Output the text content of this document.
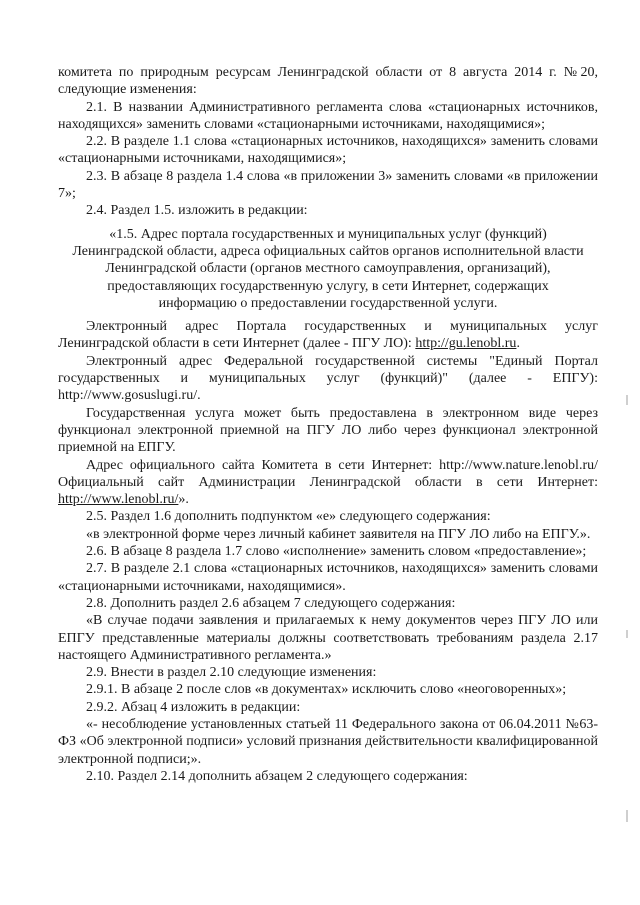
комитета по природным ресурсам Ленинградской области от 8 августа 2014 г. №20, следующие изменения:

2.1. В названии Административного регламента слова «стационарных источников, находящихся» заменить словами «стационарными источниками, находящимися»;

2.2. В разделе 1.1 слова «стационарных источников, находящихся» заменить словами «стационарными источниками, находящимися»;

2.3. В абзаце 8 раздела 1.4 слова «в приложении 3» заменить словами «в приложении 7»;

2.4. Раздел 1.5. изложить в редакции:

«1.5. Адрес портала государственных и муниципальных услуг (функций) Ленинградской области, адреса официальных сайтов органов исполнительной власти Ленинградской области (органов местного самоуправления, организаций), предоставляющих государственную услугу, в сети Интернет, содержащих информацию о предоставлении государственной услуги.

Электронный адрес Портала государственных и муниципальных услуг Ленинградской области в сети Интернет (далее - ПГУ ЛО): http://gu.lenobl.ru.

Электронный адрес Федеральной государственной системы "Единый Портал государственных и муниципальных услуг (функций)" (далее - ЕПГУ): http://www.gosuslugi.ru/.

Государственная услуга может быть предоставлена в электронном виде через функционал электронной приемной на ПГУ ЛО либо через функционал электронной приемной на ЕПГУ.

Адрес официального сайта Комитета в сети Интернет: http://www.nature.lenobl.ru/ Официальный сайт Администрации Ленинградской области в сети Интернет: http://www.lenobl.ru/».

2.5. Раздел 1.6 дополнить подпунктом «е» следующего содержания:

«в электронной форме через личный кабинет заявителя на ПГУ ЛО либо на ЕПГУ.».

2.6. В абзаце 8 раздела 1.7 слово «исполнение» заменить словом «предоставление»;

2.7. В разделе 2.1 слова «стационарных источников, находящихся» заменить словами «стационарными источниками, находящимися».

2.8. Дополнить раздел 2.6 абзацем 7 следующего содержания:

«В случае подачи заявления и прилагаемых к нему документов через ПГУ ЛО или ЕПГУ представленные материалы должны соответствовать требованиям раздела 2.17 настоящего Административного регламента.»

2.9. Внести в раздел 2.10 следующие изменения:

2.9.1. В абзаце 2 после слов «в документах» исключить слово «неоговоренных»;

2.9.2. Абзац 4 изложить в редакции:

«- несоблюдение установленных статьей 11 Федерального закона от 06.04.2011 №63-ФЗ «Об электронной подписи» условий признания действительности квалифицированной электронной подписи;».

2.10. Раздел 2.14 дополнить абзацем 2 следующего содержания:
